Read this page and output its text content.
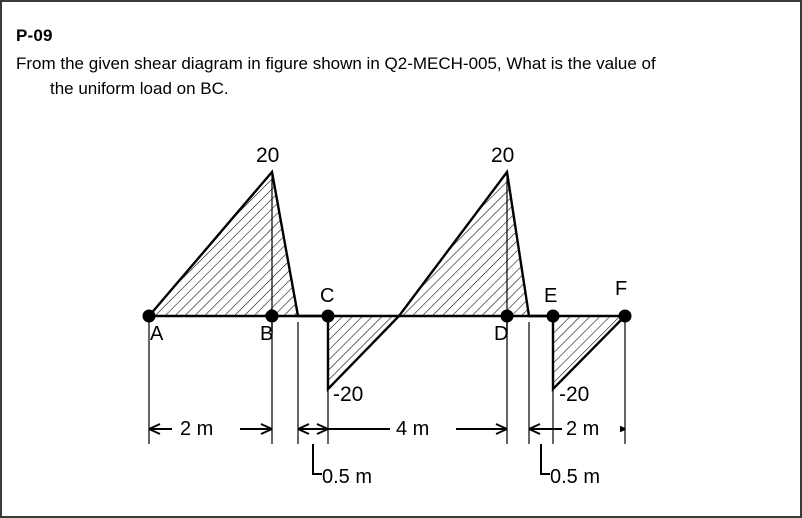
P-09
From the given shear diagram in figure shown in Q2-MECH-005, What is the value of
the uniform load on BC.
A	B
C
D
E	F
20	20
-20	-20
2 m	4 m	2 m
0.5 m	0.5 m
